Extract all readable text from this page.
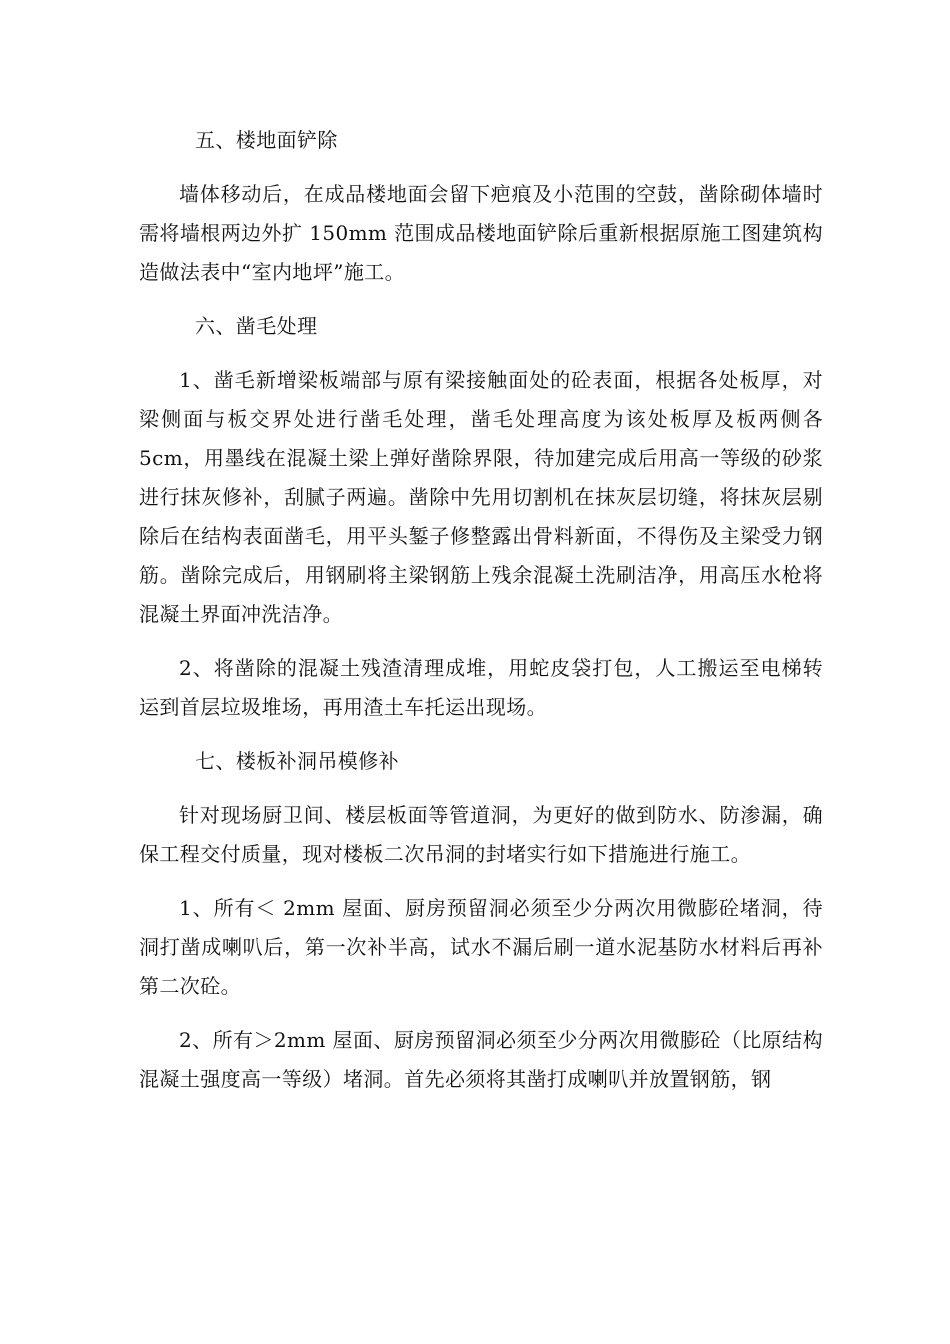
五、楼地面铲除

墙体移动后，在成品楼地面会留下疤痕及小范围的空鼓，凿除砌体墙时需将墙根两边外扩 150mm 范围成品楼地面铲除后重新根据原施工图建筑构造做法表中“室内地坪”施工。

六、凿毛处理

1、凿毛新增梁板端部与原有梁接触面处的砼表面，根据各处板厚，对梁侧面与板交界处进行凿毛处理，凿毛处理高度为该处板厚及板两侧各5cm，用墨线在混凝土梁上弹好凿除界限，待加建完成后用高一等级的砂浆进行抹灰修补，刮腻子两遍。凿除中先用切割机在抹灰层切缝，将抹灰层剔除后在结构表面凿毛，用平头錾子修整露出骨料新面，不得伤及主梁受力钢筋。凿除完成后，用钢刷将主梁钢筋上残余混凝土洗刷洁净，用高压水枪将混凝土界面冲洗洁净。

2、将凿除的混凝土残渣清理成堆，用蛇皮袋打包，人工搬运至电梯转运到首层垃圾堆场，再用渣土车托运出现场。

七、楼板补洞吊模修补

针对现场厨卫间、楼层板面等管道洞，为更好的做到防水、防渗漏，确保工程交付质量，现对楼板二次吊洞的封堵实行如下措施进行施工。

1、所有＜ 2mm 屋面、厨房预留洞必须至少分两次用微膨砼堵洞，待洞打凿成喇叭后，第一次补半高，试水不漏后刷一道水泥基防水材料后再补第二次砼。

2、所有＞2mm 屋面、厨房预留洞必须至少分两次用微膨砼（比原结构混凝土强度高一等级）堵洞。首先必须将其凿打成喇叭并放置钢筋，钢
